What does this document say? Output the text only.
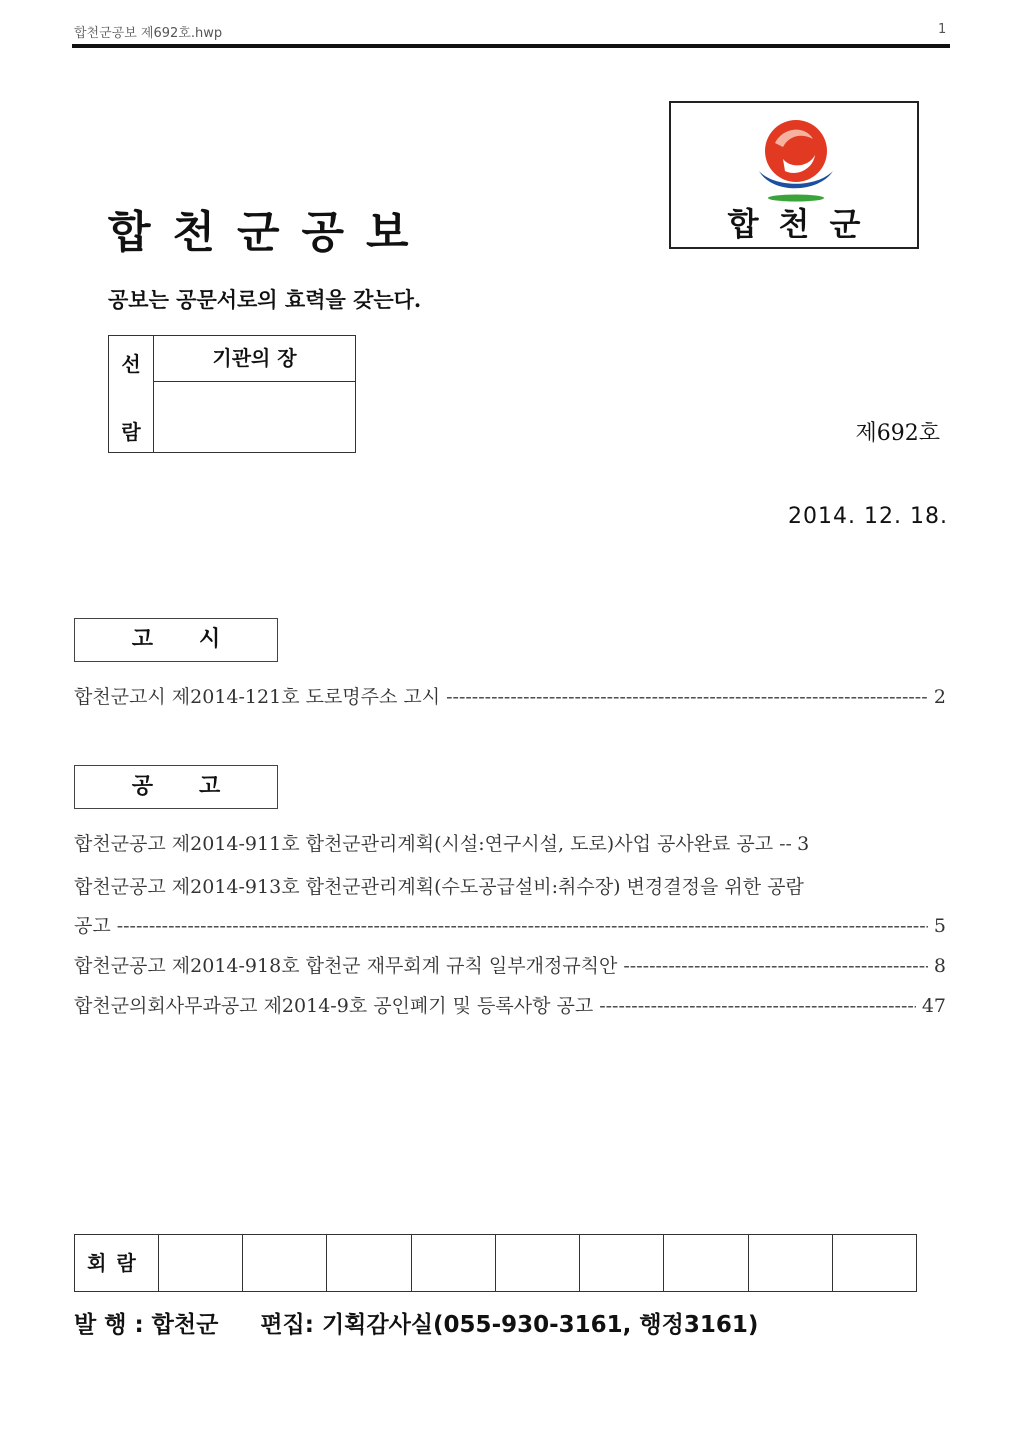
합천군공보 제692호.hwp	1
합천군공보
공보는 공문서로의 효력을 갖는다.
합천군
선
람
기관의 장
제692호
2014. 12. 18.
고시
합천군고시 제2014-121호 도로명주소 고시 -----	2
공고
합천군공고 제2014-911호 합천군관리계획(시설:연구시설, 도로)사업 공사완료 공고 ----- 3
합천군공고 제2014-913호 합천군관리계획(수도공급설비:취수장) 변경결정을 위한 공람
공고 -----	5
합천군공고 제2014-918호 합천군 재무회계 규칙 일부개정규칙안 -----	8
합천군의회사무과공고 제2014-9호 공인폐기 및 등록사항 공고 -----	47
회람
발 행 : 합천군 편집: 기획감사실(055-930-3161, 행정3161)
